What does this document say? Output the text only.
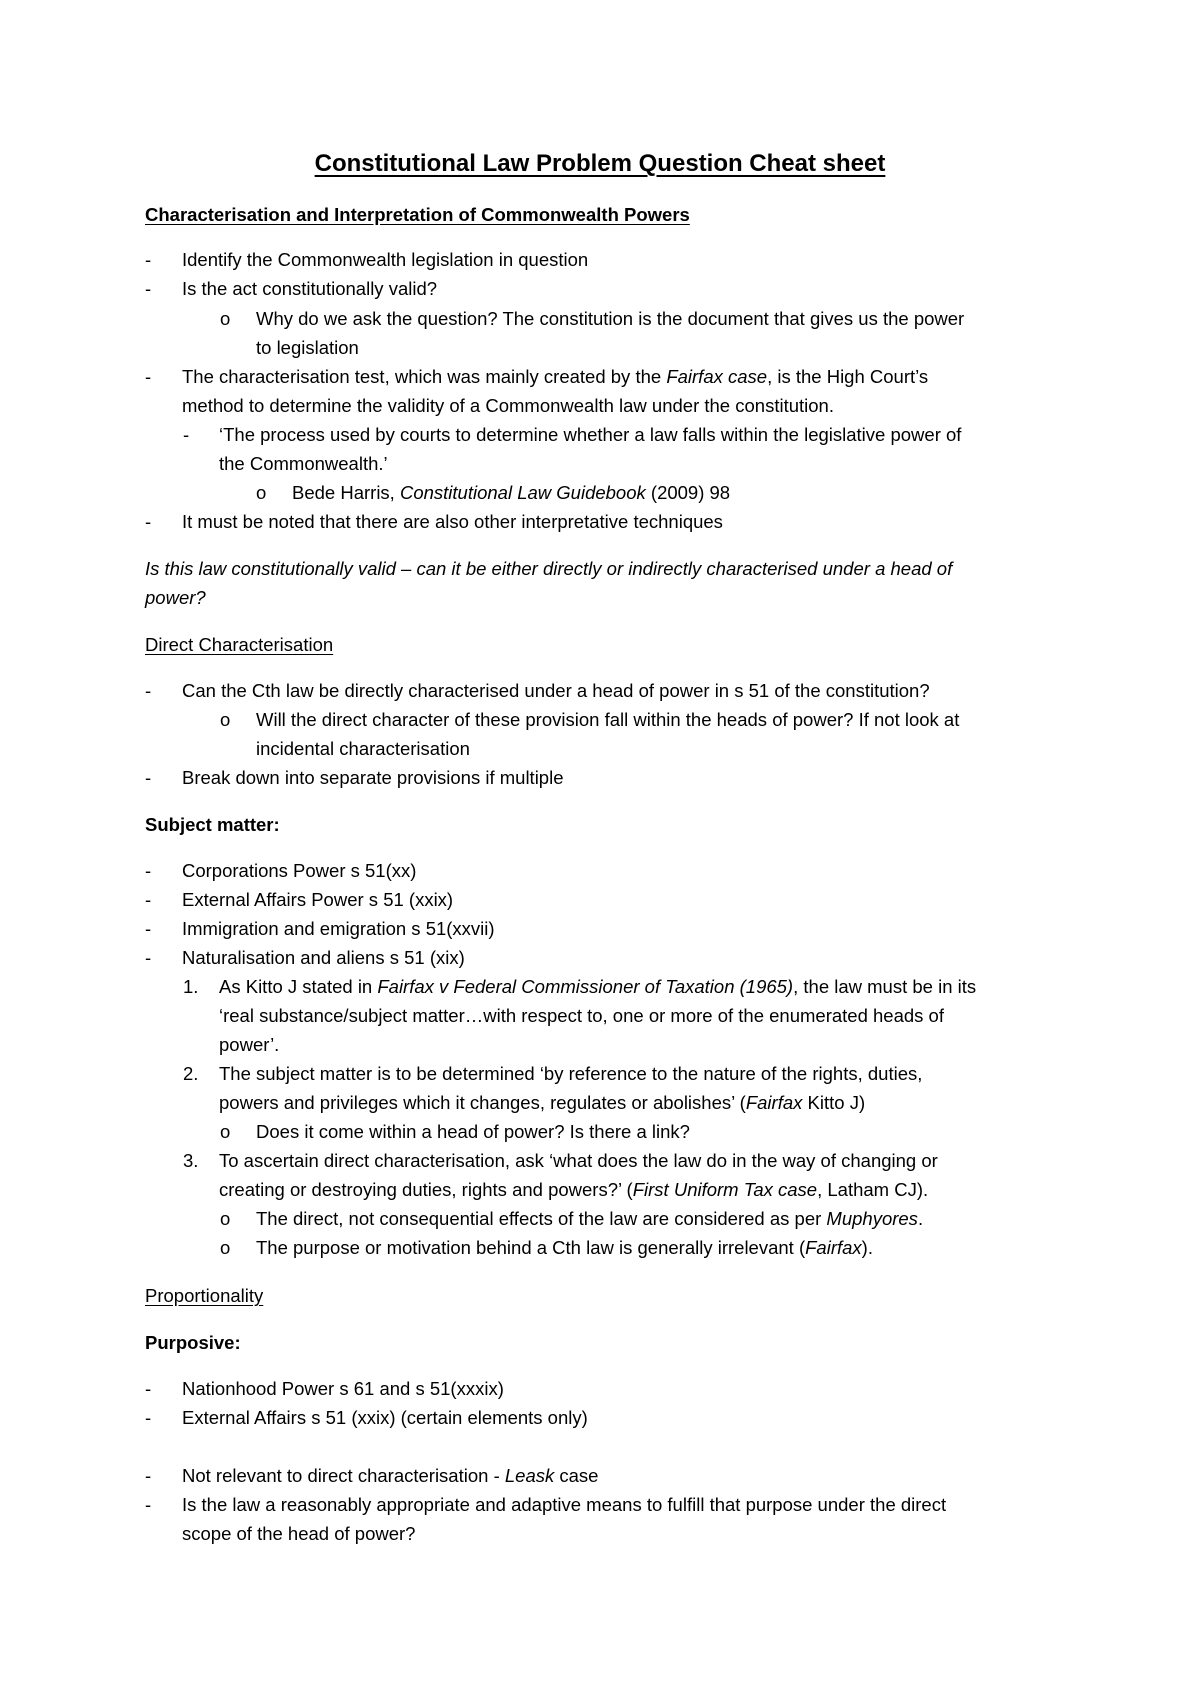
Constitutional Law Problem Question Cheat sheet
Characterisation and Interpretation of Commonwealth Powers
- Identify the Commonwealth legislation in question
- Is the act constitutionally valid?
o Why do we ask the question? The constitution is the document that gives us the power
to legislation
- The characterisation test, which was mainly created by the Fairfax case, is the High Court’s
method to determine the validity of a Commonwealth law under the constitution.
- ‘The process used by courts to determine whether a law falls within the legislative power of
the Commonwealth.’
o Bede Harris, Constitutional Law Guidebook (2009) 98
- It must be noted that there are also other interpretative techniques
Is this law constitutionally valid – can it be either directly or indirectly characterised under a head of
power?
Direct Characterisation
- Can the Cth law be directly characterised under a head of power in s 51 of the constitution?
o Will the direct character of these provision fall within the heads of power? If not look at
incidental characterisation
- Break down into separate provisions if multiple
Subject matter:
- Corporations Power s 51(xx)
- External Affairs Power s 51 (xxix)
- Immigration and emigration s 51(xxvii)
- Naturalisation and aliens s 51 (xix)
1. As Kitto J stated in Fairfax v Federal Commissioner of Taxation (1965), the law must be in its
‘real substance/subject matter…with respect to, one or more of the enumerated heads of
power’.
2. The subject matter is to be determined ‘by reference to the nature of the rights, duties,
powers and privileges which it changes, regulates or abolishes’ (Fairfax Kitto J)
o Does it come within a head of power? Is there a link?
3. To ascertain direct characterisation, ask ‘what does the law do in the way of changing or
creating or destroying duties, rights and powers?’ (First Uniform Tax case, Latham CJ).
o The direct, not consequential effects of the law are considered as per Muphyores.
o The purpose or motivation behind a Cth law is generally irrelevant (Fairfax).
Proportionality
Purposive:
- Nationhood Power s 61 and s 51(xxxix)
- External Affairs s 51 (xxix) (certain elements only)
- Not relevant to direct characterisation - Leask case
- Is the law a reasonably appropriate and adaptive means to fulfill that purpose under the direct
scope of the head of power?
